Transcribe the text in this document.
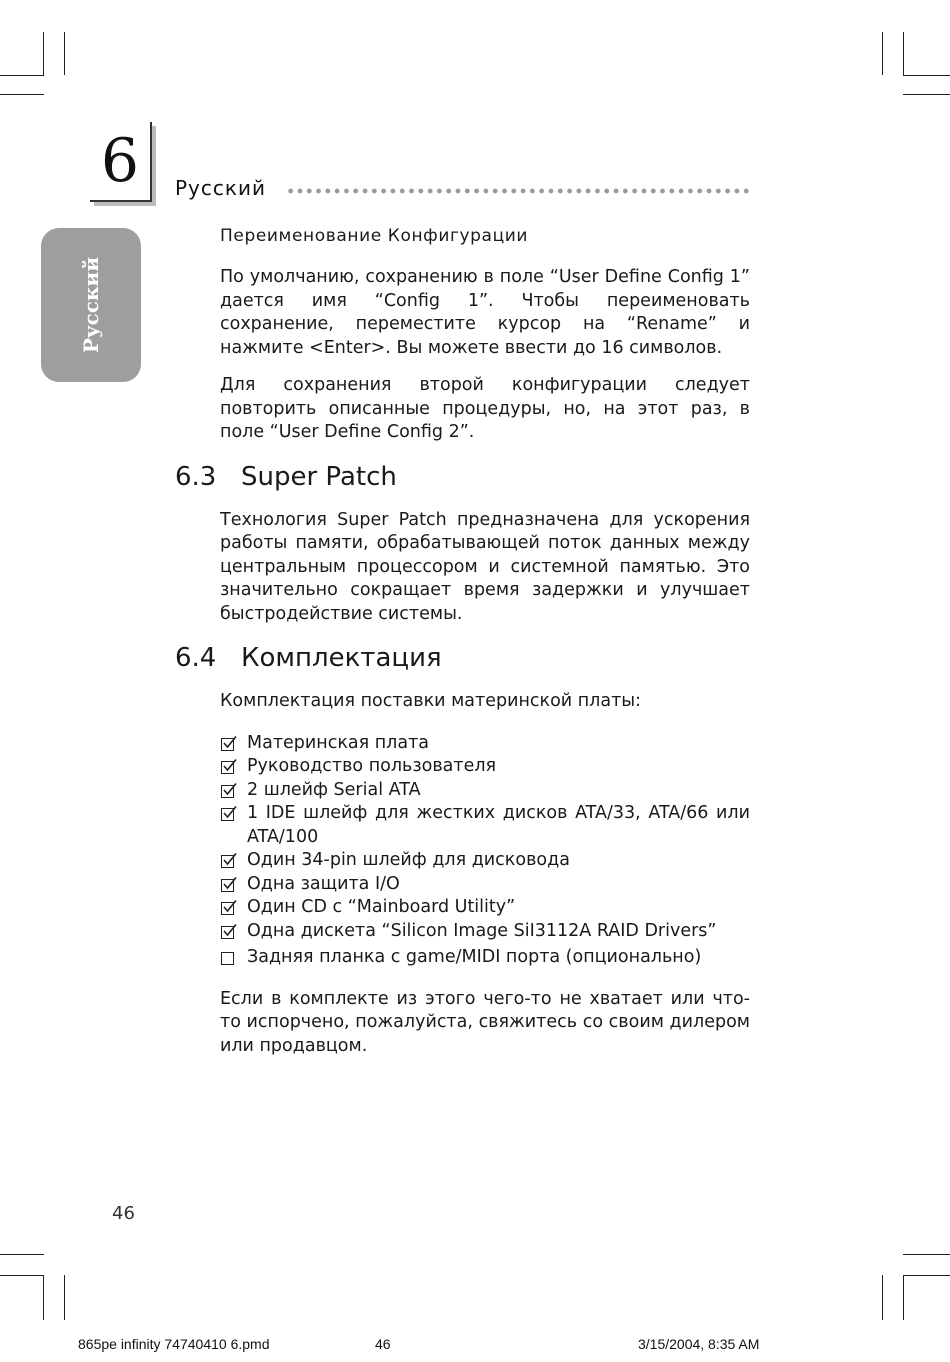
6	Русский
Русский
Переименование Конфигурации

По умолчанию, сохранению в поле “User Define Config 1” дается имя “Config 1”. Чтобы переименовать сохранение, переместите курсор на “Rename” и нажмите <Enter>. Вы можете ввести до 16 символов.

Для сохранения второй конфигурации следует повторить описанные процедуры, но, на этот раз, в поле “User Define Config 2”.

6.3 Super Patch

Технология Super Patch предназначена для ускорения работы памяти, обрабатывающей поток данных между центральным процессором и системной памятью. Это значительно сокращает время задержки и улучшает быстродействие системы.

6.4 Комплектация

Комплектация поставки материнской платы:

Материнская плата
Руководство пользователя
2 шлейф Serial ATA
1 IDE шлейф для жестких дисков ATA/33, ATA/66 или ATA/100
Один 34-pin шлейф для дисковода
Одна защита I/O
Один CD с “Mainboard Utility”
Одна дискета “Silicon Image SiI3112A RAID Drivers”
Задняя планка с game/MIDI порта (опционально)

Если в комплекте из этого чего-то не хватает или что-то испорчено, пожалуйста, свяжитесь со своим дилером или продавцом.

46
865pe infinity 74740410 6.pmd	46	3/15/2004, 8:35 AM
